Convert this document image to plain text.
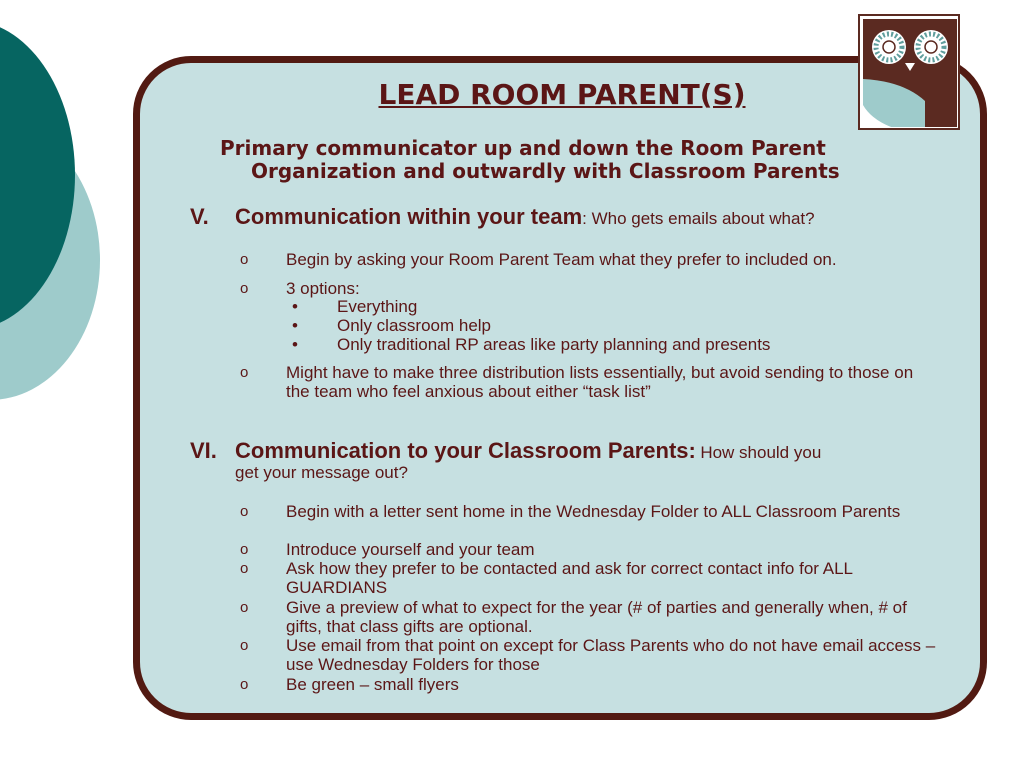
LEAD ROOM PARENT(S)
Primary communicator up and down the Room Parent
Organization and outwardly with Classroom Parents
V. Communication within your team: Who gets emails about what?
o Begin by asking your Room Parent Team what they prefer to included on.
o 3 options:
• Everything
• Only classroom help
• Only traditional RP areas like party planning and presents
o Might have to make three distribution lists essentially, but avoid sending to those on the team who feel anxious about either “task list”
VI. Communication to your Classroom Parents: How should you
get your message out?
o Begin with a letter sent home in the Wednesday Folder to ALL Classroom Parents
o Introduce yourself and your team
o Ask how they prefer to be contacted and ask for correct contact info for ALL GUARDIANS
o Give a preview of what to expect for the year (# of parties and generally when, # of gifts, that class gifts are optional.
o Use email from that point on except for Class Parents who do not have email access – use Wednesday Folders for those
o Be green – small flyers
